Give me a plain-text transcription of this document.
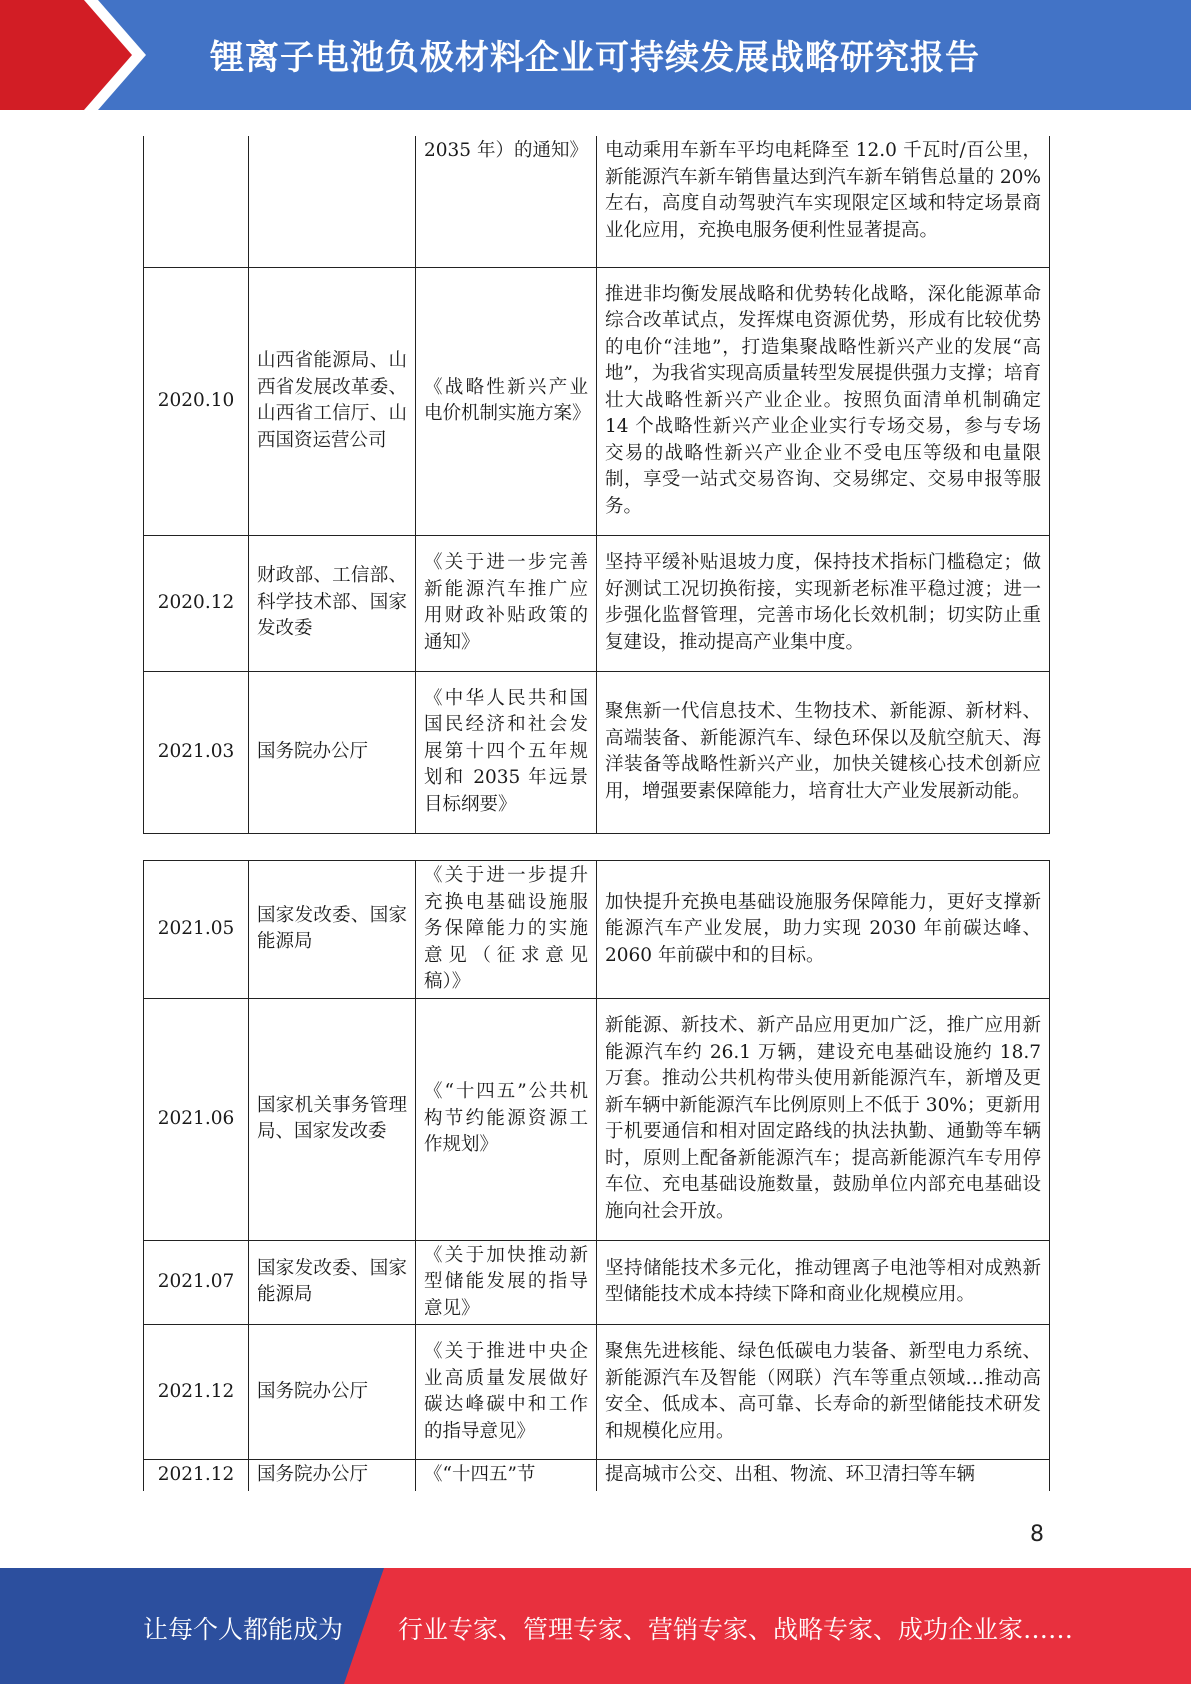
锂离子电池负极材料企业可持续发展战略研究报告
		2035 年）的通知》	电动乘用车新车平均电耗降至 12.0 千瓦时/百公里，新能源汽车新车销售量达到汽车新车销售总量的 20%左右，高度自动驾驶汽车实现限定区域和特定场景商业化应用，充换电服务便利性显著提高。
2020.10	山西省能源局、山西省发展改革委、山西省工信厅、山西国资运营公司	《战略性新兴产业电价机制实施方案》	推进非均衡发展战略和优势转化战略，深化能源革命综合改革试点，发挥煤电资源优势，形成有比较优势的电价“洼地”，打造集聚战略性新兴产业的发展“高地”，为我省实现高质量转型发展提供强力支撑；培育壮大战略性新兴产业企业。按照负面清单机制确定 14 个战略性新兴产业企业实行专场交易，参与专场交易的战略性新兴产业企业不受电压等级和电量限制，享受一站式交易咨询、交易绑定、交易申报等服务。
2020.12	财政部、工信部、科学技术部、国家发改委	《关于进一步完善新能源汽车推广应用财政补贴政策的通知》	坚持平缓补贴退坡力度，保持技术指标门槛稳定；做好测试工况切换衔接，实现新老标准平稳过渡；进一步强化监督管理，完善市场化长效机制；切实防止重复建设，推动提高产业集中度。
2021.03	国务院办公厅	《中华人民共和国国民经济和社会发展第十四个五年规划和 2035 年远景目标纲要》	聚焦新一代信息技术、生物技术、新能源、新材料、高端装备、新能源汽车、绿色环保以及航空航天、海洋装备等战略性新兴产业，加快关键核心技术创新应用，增强要素保障能力，培育壮大产业发展新动能。
2021.05	国家发改委、国家能源局	《关于进一步提升充换电基础设施服务保障能力的实施意见（征求意见稿）》	加快提升充换电基础设施服务保障能力，更好支撑新能源汽车产业发展，助力实现 2030 年前碳达峰、2060 年前碳中和的目标。
2021.06	国家机关事务管理局、国家发改委	《“十四五”公共机构节约能源资源工作规划》	新能源、新技术、新产品应用更加广泛，推广应用新能源汽车约 26.1 万辆，建设充电基础设施约 18.7 万套。推动公共机构带头使用新能源汽车，新增及更新车辆中新能源汽车比例原则上不低于 30%；更新用于机要通信和相对固定路线的执法执勤、通勤等车辆时，原则上配备新能源汽车；提高新能源汽车专用停车位、充电基础设施数量，鼓励单位内部充电基础设施向社会开放。
2021.07	国家发改委、国家能源局	《关于加快推动新型储能发展的指导意见》	坚持储能技术多元化，推动锂离子电池等相对成熟新型储能技术成本持续下降和商业化规模应用。
2021.12	国务院办公厅	《关于推进中央企业高质量发展做好碳达峰碳中和工作的指导意见》	聚焦先进核能、绿色低碳电力装备、新型电力系统、新能源汽车及智能（网联）汽车等重点领域…推动高安全、低成本、高可靠、长寿命的新型储能技术研发和规模化应用。
2021.12	国务院办公厅	《“十四五”节	提高城市公交、出租、物流、环卫清扫等车辆
8
让每个人都能成为 行业专家、管理专家、营销专家、战略专家、成功企业家……
